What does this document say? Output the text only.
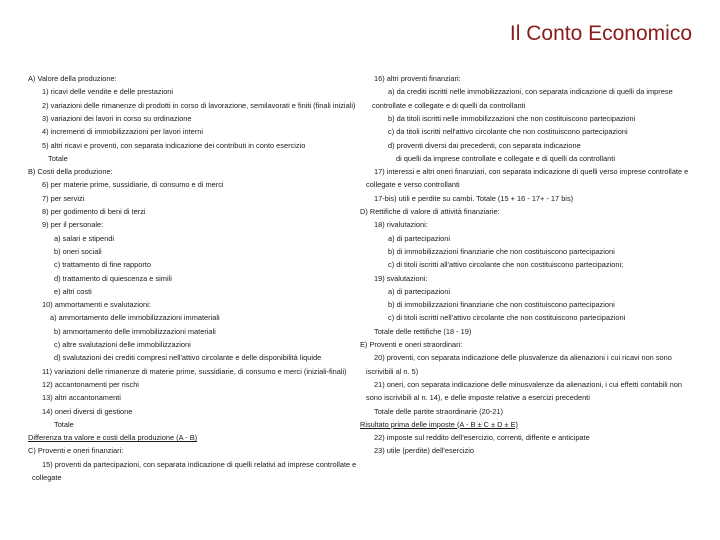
Il Conto Economico
A) Valore della produzione:
1) ricavi delle vendite e delle prestazioni
2) variazioni delle rimanenze di prodotti in corso di lavorazione, semilavorati e finiti (finali iniziali)
3) variazioni dei lavori in corso su ordinazione
4) incrementi di immobilizzazioni per lavori interni
5) altri ricavi e proventi, con separata indicazione dei contributi in conto esercizio
Totale
B) Costi della produzione:
6) per materie prime, sussidiarie, di consumo e di merci
7) per servizi
8) per godimento di beni di terzi
9) per il personale:
a) salari e stipendi
b) oneri sociali
c) trattamento di fine rapporto
d) trattamento di quiescenza e simili
e) altri costi
10) ammortamenti e svalutazioni:
a) ammortamento delle immobilizzazioni immateriali
b) ammortamento delle immobilizzazioni materiali
c) altre svalutazioni delle immobilizzazioni
d) svalutazioni dei crediti compresi nell'attivo circolante e delle disponibilità liquide
11) variazioni delle rimanenze di materie prime, sussidiarie, di consumo e merci (iniziali-finali)
12) accantonamenti per rischi
13) altri accantonamenti
14) oneri diversi di gestione
Totale
Differenza tra valore e costi della produzione (A - B)
C) Proventi e oneri finanziari:
15) proventi da partecipazioni, con separata indicazione di quelli relativi ad imprese controllate e
collegate
16) altri proventi finanziari:
a) da crediti iscritti nelle immobilizzazioni, con separata indicazione di quelli da imprese
controllate e collegate e di quelli da controllanti
b) da titoli iscritti nelle immobilizzazioni che non costituiscono partecipazioni
c) da titoli iscritti nell'attivo circolante che non costituiscono partecipazioni
d) proventi diversi dai precedenti, con separata indicazione
di quelli da imprese controllate e collegate e di quelli da controllanti
17) interessi e altri oneri finanziari, con separata indicazione di quelli verso imprese controllate e
collegate e verso controllanti
17-bis) utili e perdite su cambi. Totale (15 + 16 - 17+ - 17 bis)
D) Rettifiche di valore di attività finanziarie:
18) rivalutazioni:
a) di partecipazioni
b) di immobilizzazioni finanziarie che non costituiscono partecipazioni
c) di titoli iscritti all'attivo circolante che non costituiscono partecipazioni;
19) svalutazioni:
a) di partecipazioni
b) di immobilizzazioni finanziarie che non costituiscono partecipazioni
c) di titoli iscritti nell'attivo circolante che non costituiscono partecipazioni
Totale delle rettifiche (18 - 19)
E) Proventi e oneri straordinari:
20) proventi, con separata indicazione delle plusvalenze da alienazioni i cui ricavi non sono
iscrivibili al n. 5)
21) oneri, con separata indicazione delle minusvalenze da alienazioni, i cui effetti contabili non
sono iscrivibili al n. 14), e delle imposte relative a esercizi precedenti
Totale delle partite straordinarie (20-21)
Risultato prima delle imposte (A - B ± C ± D ± E)
22) imposte sul reddito dell'esercizio, correnti, differite e anticipate
23) utile (perdite) dell'esercizio
